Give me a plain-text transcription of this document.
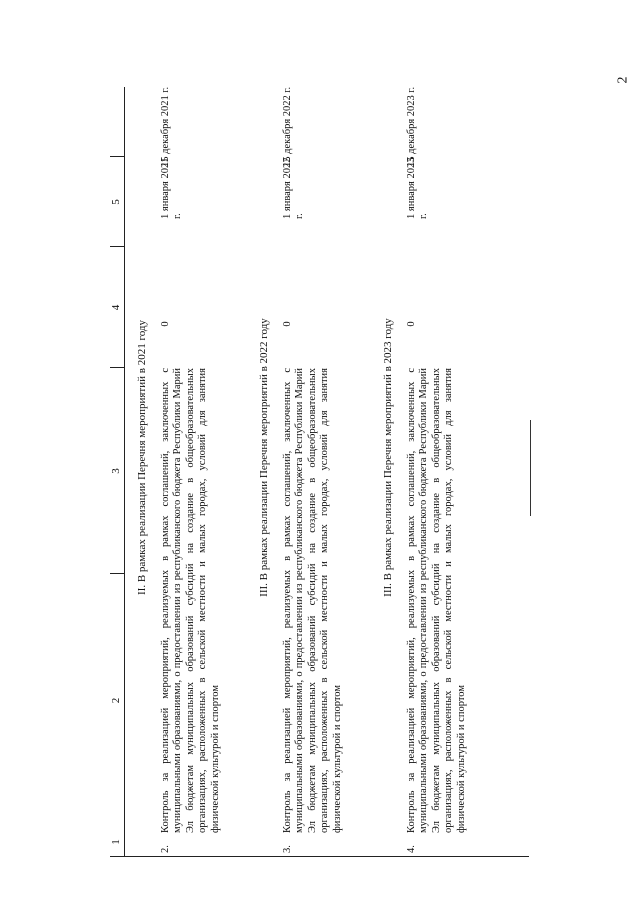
2
1
2
3
4
5
II. В рамках реализации Перечня мероприятий в 2021 году
2.
Контроль за реализацией мероприятий, реализуемых в рамках соглашений, заключенных с муниципальными образованиями, о предоставлении из республиканского бюджета Республики Марий Эл бюджетам муниципальных образований субсидий на создание в общеобразовательных организациях, расположенных в сельской местности и малых городах, условий для занятия физической культурой и спортом
0
1 января 2021 г.
15 декабря 2021 г.
III. В рамках реализации Перечня мероприятий в 2022 году
3.
Контроль за реализацией мероприятий, реализуемых в рамках соглашений, заключенных с муниципальными образованиями, о предоставлении из республиканского бюджета Республики Марий Эл бюджетам муниципальных образований субсидий на создание в общеобразовательных организациях, расположенных в сельской местности и малых городах, условий для занятия физической культурой и спортом
0
1 января 2022 г.
15 декабря 2022 г.
III. В рамках реализации Перечня мероприятий в 2023 году
4.
Контроль за реализацией мероприятий, реализуемых в рамках соглашений, заключенных с муниципальными образованиями, о предоставлении из республиканского бюджета Республики Марий Эл бюджетам муниципальных образований субсидий на создание в общеобразовательных организациях, расположенных в сельской местности и малых городах, условий для занятия физической культурой и спортом
0
1 января 2023 г.
15 декабря 2023 г.
